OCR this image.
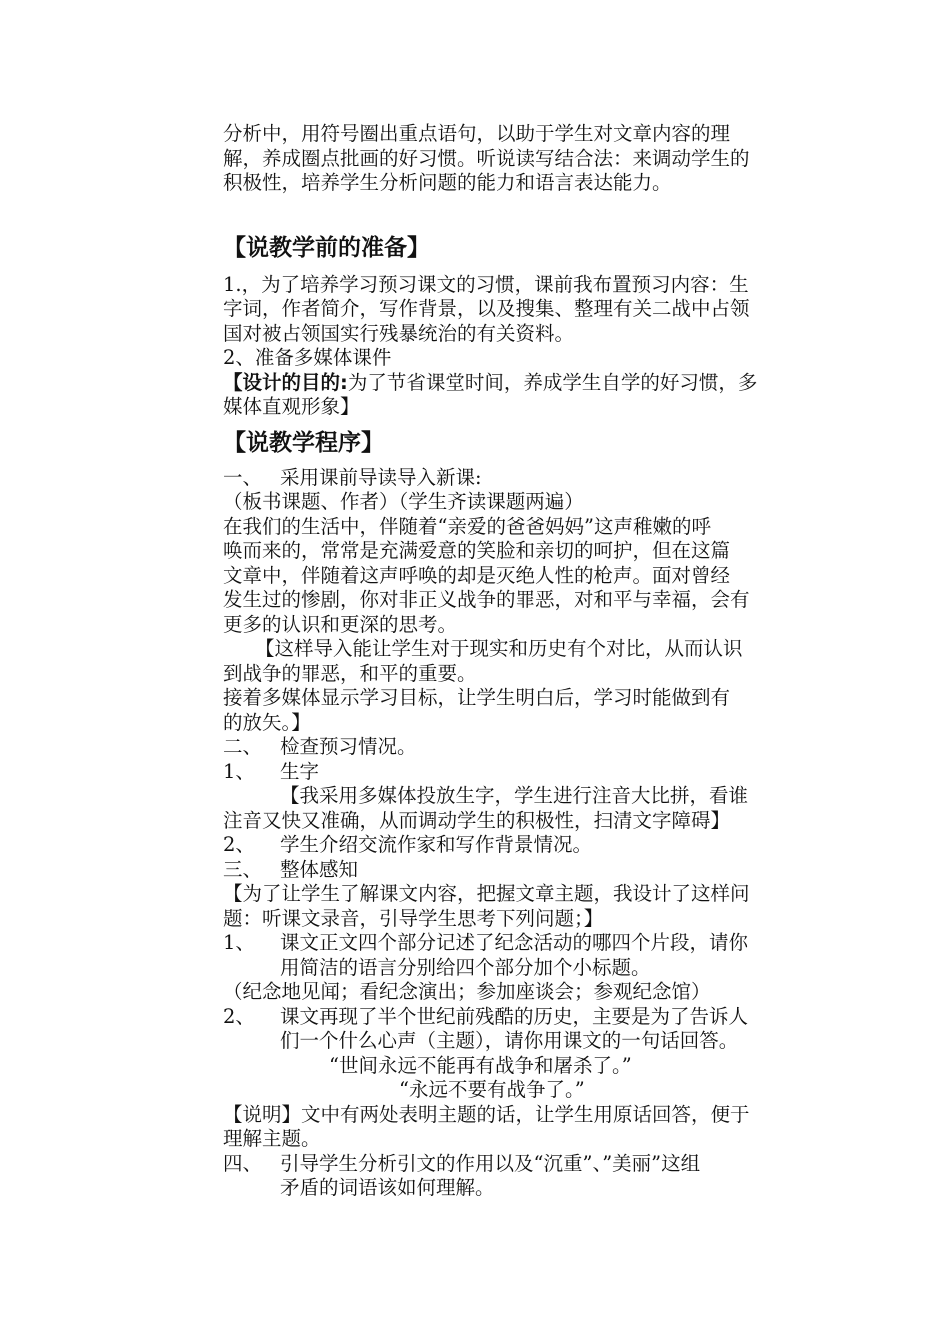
分析中，用符号圈出重点语句，以助于学生对文章内容的理

解，养成圈点批画的好习惯。听说读写结合法：来调动学生的

积极性，培养学生分析问题的能力和语言表达能力。

【说教学前的准备】

1.，为了培养学习预习课文的习惯，课前我布置预习内容：生

字词，作者简介，写作背景，以及搜集、整理有关二战中占领

国对被占领国实行残暴统治的有关资料。

2、准备多媒体课件

【设计的目的:为了节省课堂时间，养成学生自学的好习惯，多

媒体直观形象】

【说教学程序】

一、 采用课前导读导入新课:

（板书课题、作者）（学生齐读课题两遍）

在我们的生活中，伴随着“亲爱的爸爸妈妈”这声稚嫩的呼

唤而来的，常常是充满爱意的笑脸和亲切的呵护，但在这篇

文章中，伴随着这声呼唤的却是灭绝人性的枪声。面对曾经

发生过的惨剧，你对非正义战争的罪恶，对和平与幸福，会有

更多的认识和更深的思考。

【这样导入能让学生对于现实和历史有个对比，从而认识

到战争的罪恶，和平的重要。

接着多媒体显示学习目标，让学生明白后，学习时能做到有

的放矢。】

二、 检查预习情况。

1、 生字

【我采用多媒体投放生字，学生进行注音大比拼，看谁

注音又快又准确，从而调动学生的积极性，扫清文字障碍】

2、 学生介绍交流作家和写作背景情况。

三、 整体感知

【为了让学生了解课文内容，把握文章主题，我设计了这样问

题：听课文录音，引导学生思考下列问题；】

1、 课文正文四个部分记述了纪念活动的哪四个片段，请你

用简洁的语言分别给四个部分加个小标题。

（纪念地见闻；看纪念演出；参加座谈会；参观纪念馆）

2、 课文再现了半个世纪前残酷的历史，主要是为了告诉人

们一个什么心声（主题），请你用课文的一句话回答。

“世间永远不能再有战争和屠杀了。”

“永远不要有战争了。”

【说明】文中有两处表明主题的话，让学生用原话回答，便于

理解主题。

四、 引导学生分析引文的作用以及“沉重”、”美丽”这组

矛盾的词语该如何理解。
